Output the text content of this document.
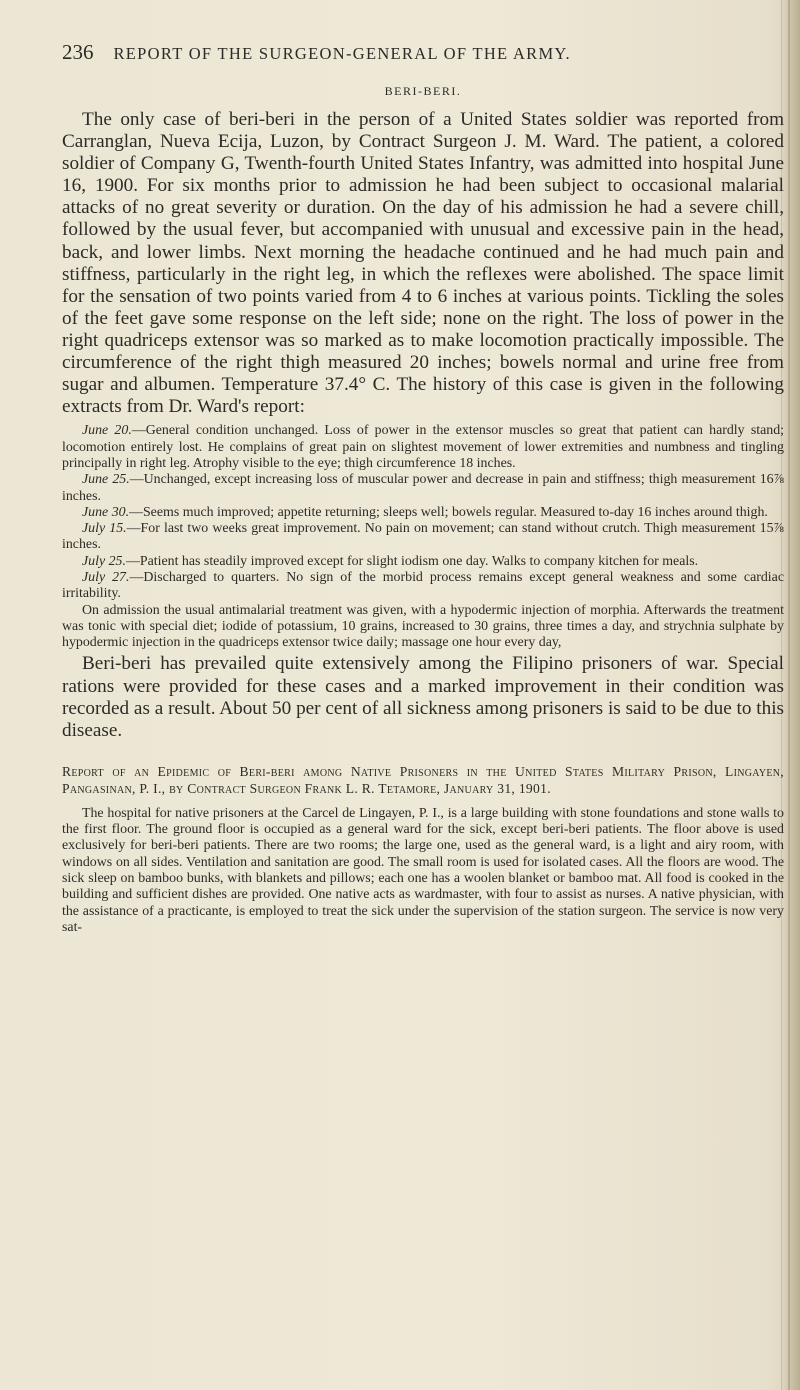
236 REPORT OF THE SURGEON-GENERAL OF THE ARMY.
BERI-BERI.

The only case of beri-beri in the person of a United States soldier was reported from Carranglan, Nueva Ecija, Luzon, by Contract Surgeon J. M. Ward. The patient, a colored soldier of Company G, Twenth-fourth United States Infantry, was admitted into hospital June 16, 1900. For six months prior to admission he had been subject to occasional malarial attacks of no great severity or duration. On the day of his admission he had a severe chill, followed by the usual fever, but accompanied with unusual and excessive pain in the head, back, and lower limbs. Next morning the headache continued and he had much pain and stiffness, particularly in the right leg, in which the reflexes were abolished. The space limit for the sensation of two points varied from 4 to 6 inches at various points. Tickling the soles of the feet gave some response on the left side; none on the right. The loss of power in the right quadriceps extensor was so marked as to make locomotion practically impossible. The circumference of the right thigh measured 20 inches; bowels normal and urine free from sugar and albumen. Temperature 37.4° C. The history of this case is given in the following extracts from Dr. Ward's report:

June 20.—General condition unchanged. Loss of power in the extensor muscles so great that patient can hardly stand; locomotion entirely lost. He complains of great pain on slightest movement of lower extremities and numbness and tingling principally in right leg. Atrophy visible to the eye; thigh circumference 18 inches.

June 25.—Unchanged, except increasing loss of muscular power and decrease in pain and stiffness; thigh measurement 16⅞ inches.

June 30.—Seems much improved; appetite returning; sleeps well; bowels regular. Measured to-day 16 inches around thigh.

July 15.—For last two weeks great improvement. No pain on movement; can stand without crutch. Thigh measurement 15⅞ inches.

July 25.—Patient has steadily improved except for slight iodism one day. Walks to company kitchen for meals.

July 27.—Discharged to quarters. No sign of the morbid process remains except general weakness and some cardiac irritability.

On admission the usual antimalarial treatment was given, with a hypodermic injection of morphia. Afterwards the treatment was tonic with special diet; iodide of potassium, 10 grains, increased to 30 grains, three times a day, and strychnia sulphate by hypodermic injection in the quadriceps extensor twice daily; massage one hour every day,

Beri-beri has prevailed quite extensively among the Filipino prisoners of war. Special rations were provided for these cases and a marked improvement in their condition was recorded as a result. About 50 per cent of all sickness among prisoners is said to be due to this disease.

Report of an Epidemic of Beri-beri among Native Prisoners in the United States Military Prison, Lingayen, Pangasinan, P. I., by Contract Surgeon Frank L. R. Tetamore, January 31, 1901.

The hospital for native prisoners at the Carcel de Lingayen, P. I., is a large building with stone foundations and stone walls to the first floor. The ground floor is occupied as a general ward for the sick, except beri-beri patients. The floor above is used exclusively for beri-beri patients. There are two rooms; the large one, used as the general ward, is a light and airy room, with windows on all sides. Ventilation and sanitation are good. The small room is used for isolated cases. All the floors are wood. The sick sleep on bamboo bunks, with blankets and pillows; each one has a woolen blanket or bamboo mat. All food is cooked in the building and sufficient dishes are provided. One native acts as wardmaster, with four to assist as nurses. A native physician, with the assistance of a practicante, is employed to treat the sick under the supervision of the station surgeon. The service is now very sat-
